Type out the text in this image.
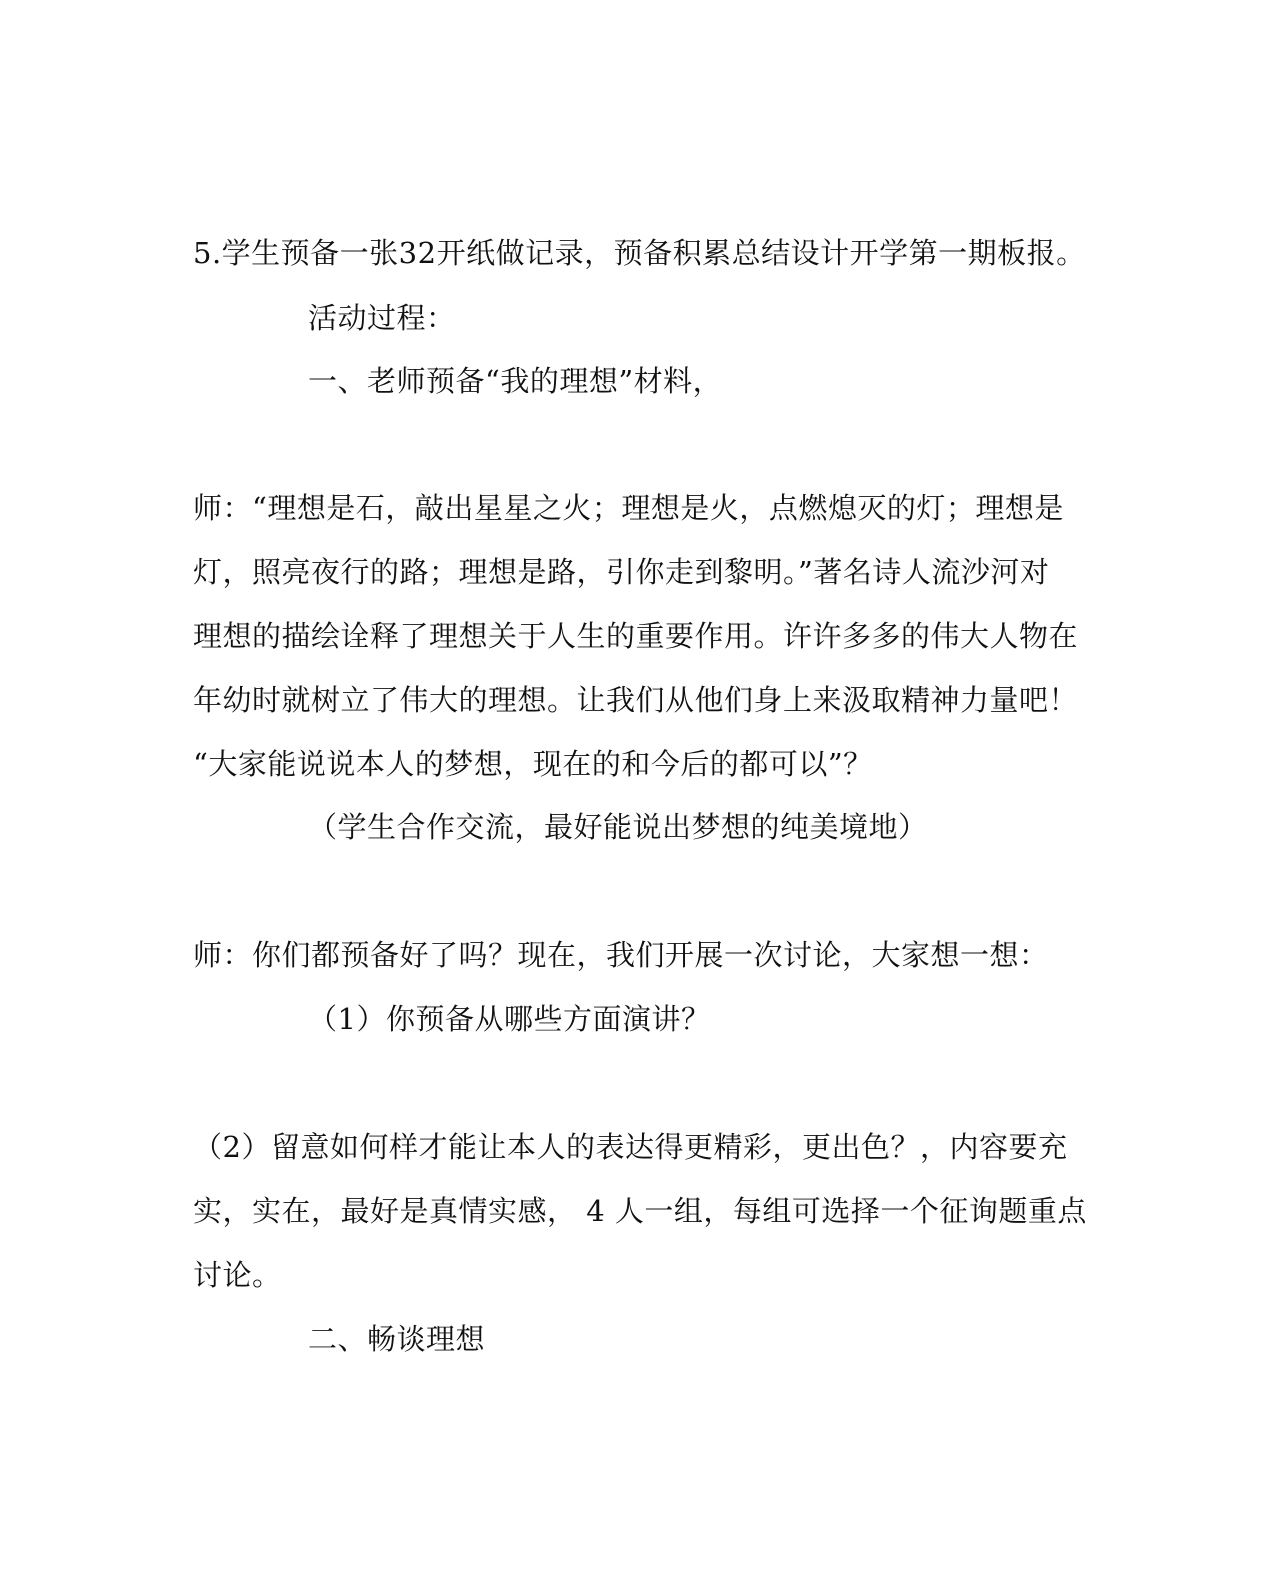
5.学生预备一张32开纸做记录，预备积累总结设计开学第一期板报。
活动过程：
一、老师预备“我的理想”材料，
师：“理想是石，敲出星星之火；理想是火，点燃熄灭的灯；理想是
灯，照亮夜行的路；理想是路，引你走到黎明。”著名诗人流沙河对
理想的描绘诠释了理想关于人生的重要作用。许许多多的伟大人物在
年幼时就树立了伟大的理想。让我们从他们身上来汲取精神力量吧！
“大家能说说本人的梦想，现在的和今后的都可以”？
（学生合作交流，最好能说出梦想的纯美境地）
师：你们都预备好了吗？现在，我们开展一次讨论，大家想一想：
（1）你预备从哪些方面演讲？
（2）留意如何样才能让本人的表达得更精彩，更出色？，内容要充
实，实在，最好是真情实感， 4 人一组，每组可选择一个征询题重点
讨论。
二、畅谈理想
